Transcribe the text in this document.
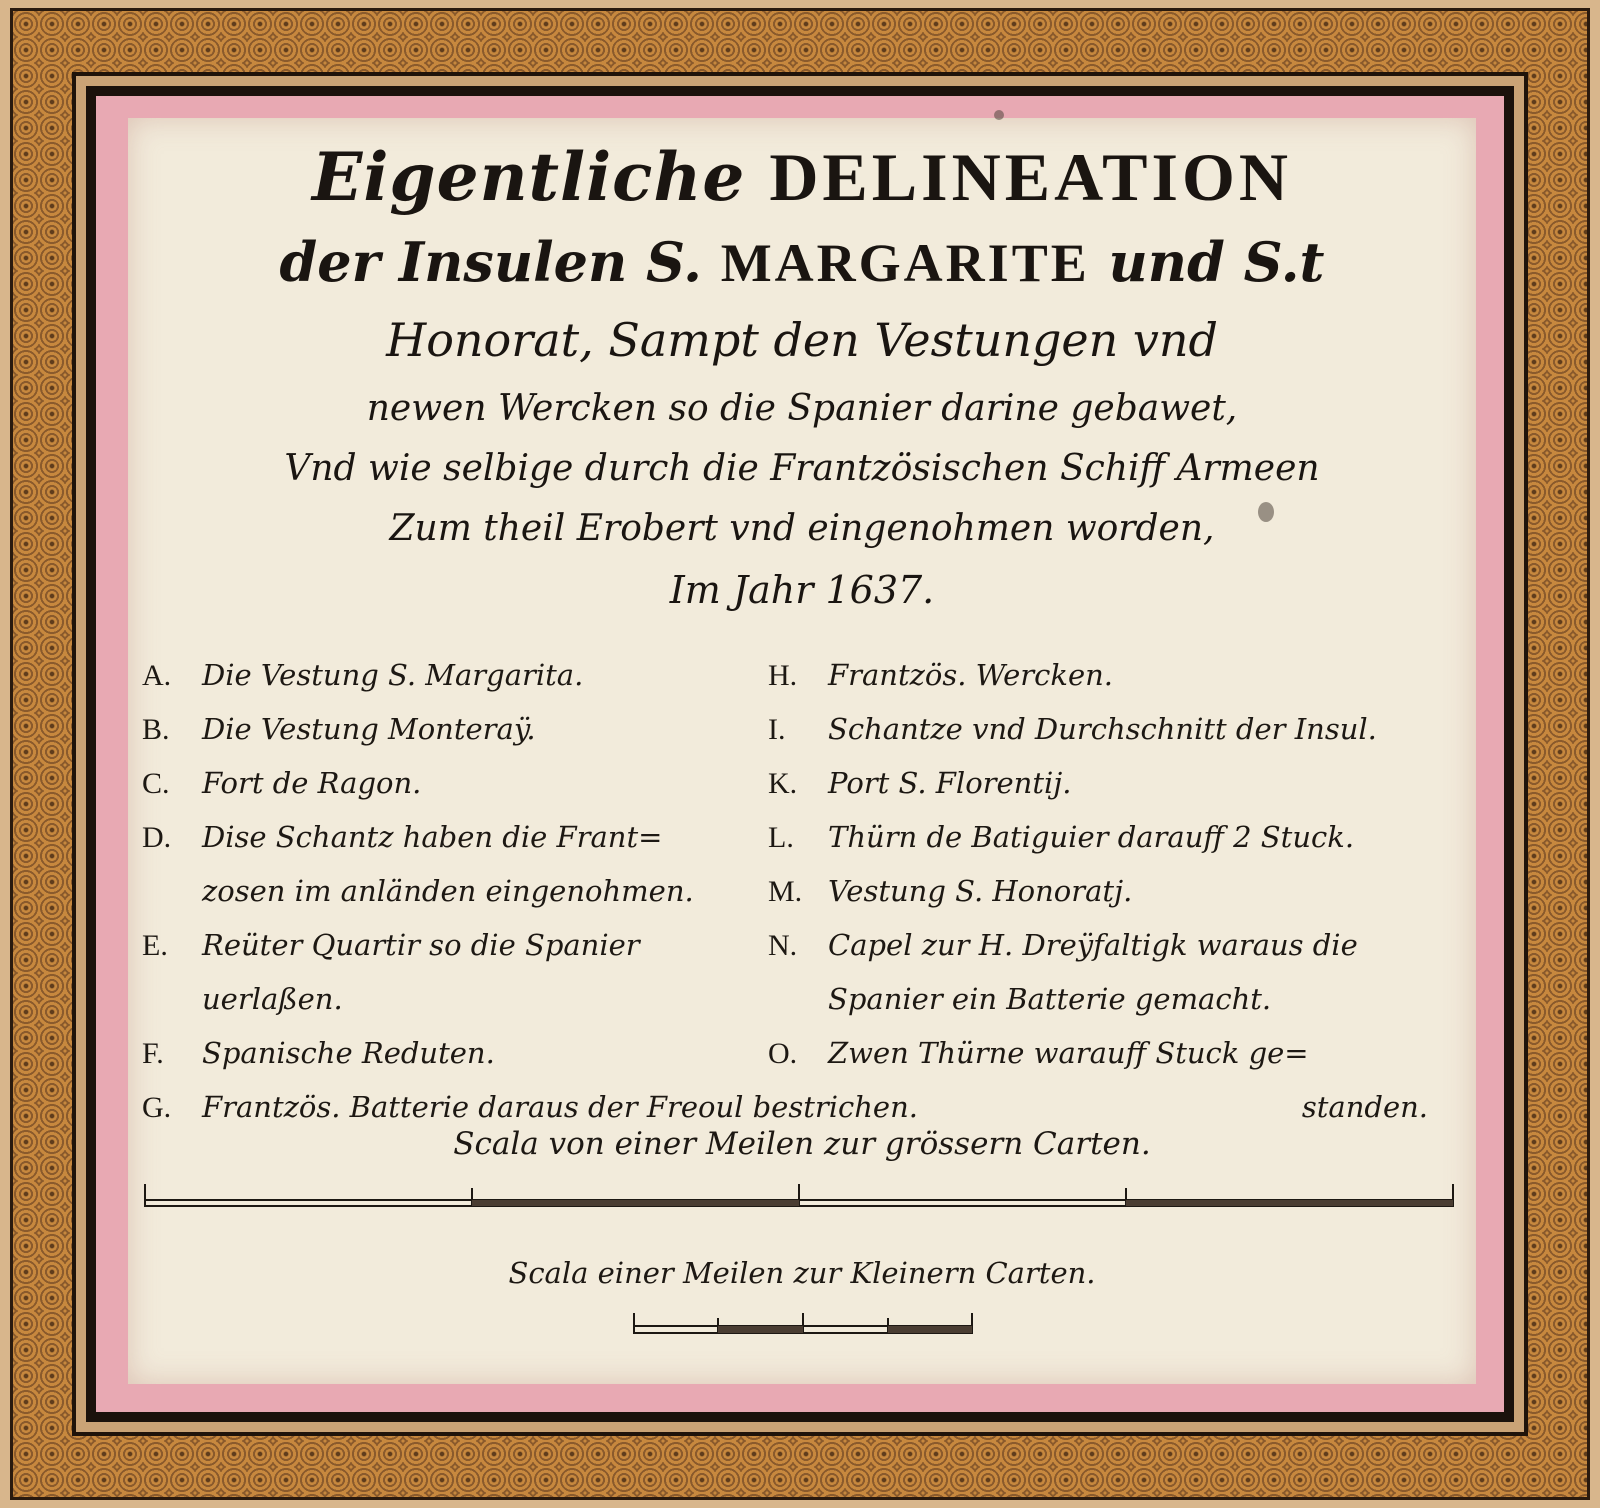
Eigentliche DELINEATION
der Insulen S. MARGARITE und S.t
Honorat, Sampt den Vestungen vnd
newen Wercken so die Spanier darine gebawet,
Vnd wie selbige durch die Frantzösischen Schiff Armeen
Zum theil Erobert vnd eingenohmen worden,
Im Jahr 1637.
A. Die Vestung S. Margarita.
B. Die Vestung Monteraÿ.
C. Fort de Ragon.
D. Dise Schantz haben die Frant=
zosen im anländen eingenohmen.
E. Reüter Quartir so die Spanier
uerlaßen.
F. Spanische Reduten.
G. Frantzös. Batterie daraus der Freoul bestrichen.
H. Frantzös. Wercken.
I. Schantze vnd Durchschnitt der Insul.
K. Port S. Florentij.
L. Thürn de Batiguier darauff 2 Stuck.
M. Vestung S. Honoratj.
N. Capel zur H. Dreÿfaltigk waraus die
Spanier ein Batterie gemacht.
O. Zwen Thürne warauff Stuck ge=
standen.
Scala von einer Meilen zur grössern Carten.
Scala einer Meilen zur Kleinern Carten.
